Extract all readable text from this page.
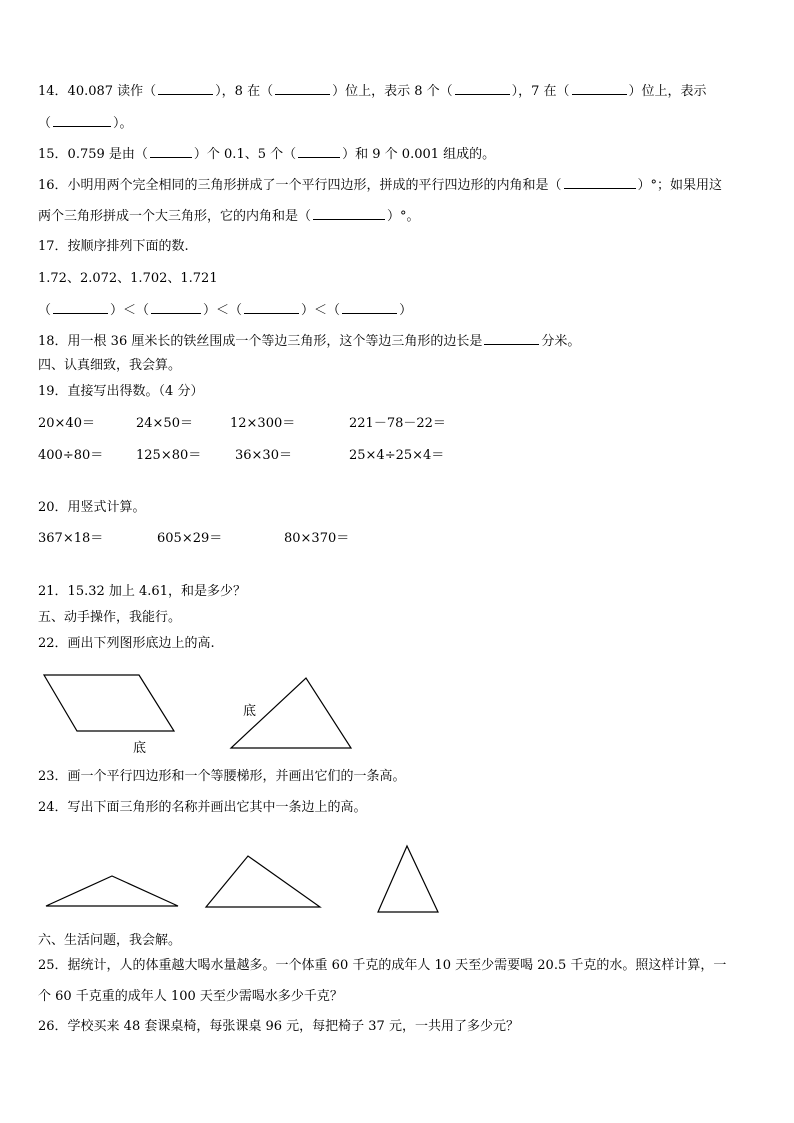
14．40.087 读作（	），8 在（	）位上，表示 8 个（	），7 在（	）位上，表示
（	）。
15．0.759 是由（	）个 0.1、5 个（	）和 9 个 0.001 组成的。
16．小明用两个完全相同的三角形拼成了一个平行四边形，拼成的平行四边形的内角和是（	）°；如果用这
两个三角形拼成一个大三角形，它的内角和是（	）°。
17．按顺序排列下面的数.
1.72、2.072、1.702、1.721
（	）＜（	）＜（	）＜（	）
18．用一根 36 厘米长的铁丝围成一个等边三角形，这个等边三角形的边长是	分米。
四、认真细致，我会算。
19．直接写出得数。（4 分）
20×40＝	24×50＝	12×300＝	221－78－22＝
400÷80＝	125×80＝	36×30＝	25×4÷25×4＝
20．用竖式计算。
367×18＝	605×29＝	80×370＝
21．15.32 加上 4.61，和是多少？
五、动手操作，我能行。
22．画出下列图形底边上的高.
底
底
23．画一个平行四边形和一个等腰梯形，并画出它们的一条高。
24．写出下面三角形的名称并画出它其中一条边上的高。
六、生活问题，我会解。
25．据统计，人的体重越大喝水量越多。一个体重 60 千克的成年人 10 天至少需要喝 20.5 千克的水。照这样计算，一
个 60 千克重的成年人 100 天至少需喝水多少千克？
26．学校买来 48 套课桌椅，每张课桌 96 元，每把椅子 37 元，一共用了多少元？
